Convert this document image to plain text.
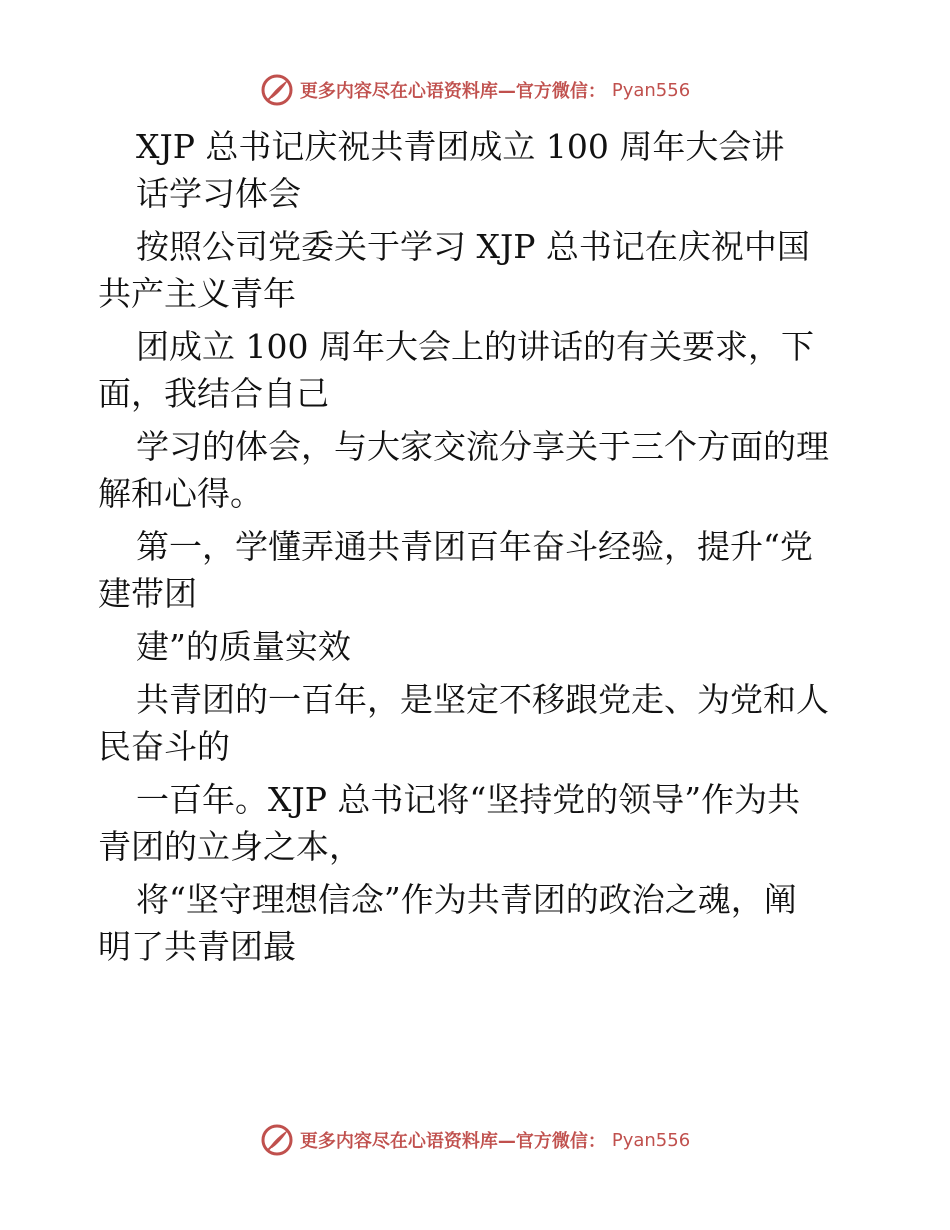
更多内容尽在心语资料库—官方微信： Pyan556

XJP 总书记庆祝共青团成立 100 周年大会讲

话学习体会

按照公司党委关于学习 XJP 总书记在庆祝中国

共产主义青年

团成立 100 周年大会上的讲话的有关要求，下

面，我结合自己

学习的体会，与大家交流分享关于三个方面的理

解和心得。

第一，学懂弄通共青团百年奋斗经验，提升“党

建带团

建”的质量实效

共青团的一百年，是坚定不移跟党走、为党和人

民奋斗的

一百年。XJP 总书记将“坚持党的领导”作为共

青团的立身之本，

将“坚守理想信念”作为共青团的政治之魂，阐

明了共青团最

更多内容尽在心语资料库—官方微信： Pyan556
